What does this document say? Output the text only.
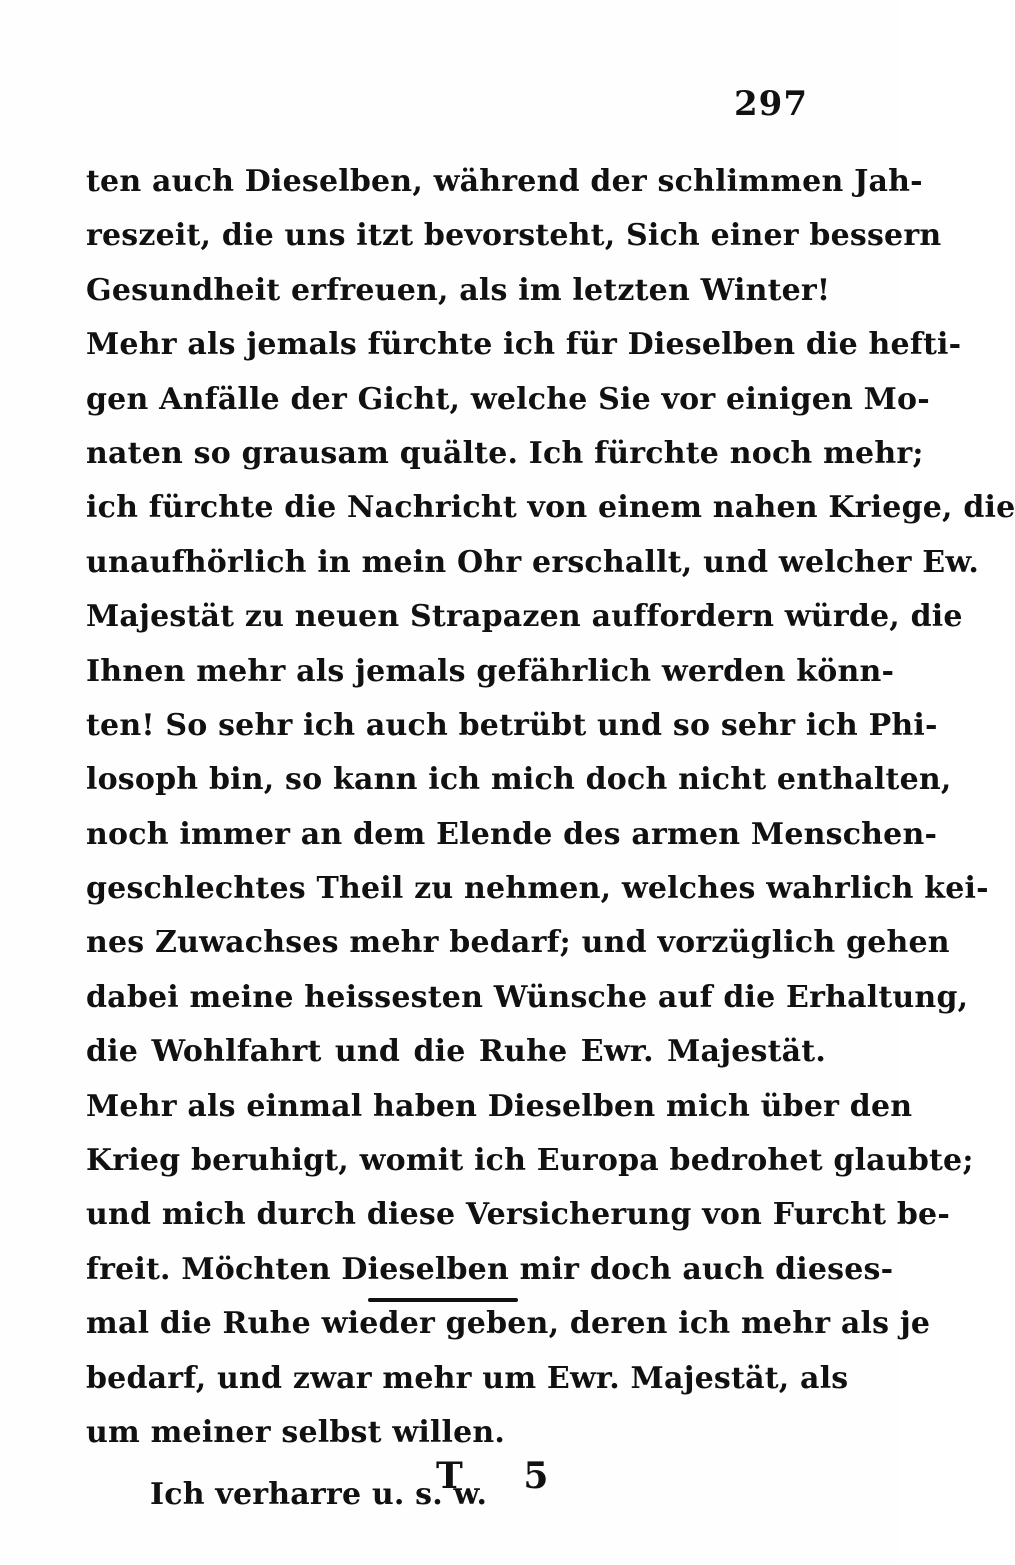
297
ten auch Dieselben, während der schlimmen Jah-
reszeit, die uns itzt bevorsteht, Sich einer bessern
Gesundheit erfreuen, als im letzten Winter!
Mehr als jemals fürchte ich für Dieselben die hefti-
gen Anfälle der Gicht, welche Sie vor einigen Mo-
naten so grausam quälte. Ich fürchte noch mehr;
ich fürchte die Nachricht von einem nahen Kriege, die
unaufhörlich in mein Ohr erschallt, und welcher Ew.
Majestät zu neuen Strapazen auffordern würde, die
Ihnen mehr als jemals gefährlich werden könn-
ten! So sehr ich auch betrübt und so sehr ich Phi-
losoph bin, so kann ich mich doch nicht enthalten,
noch immer an dem Elende des armen Menschen-
geschlechtes Theil zu nehmen, welches wahrlich kei-
nes Zuwachses mehr bedarf; und vorzüglich gehen
dabei meine heissesten Wünsche auf die Erhaltung,
die Wohlfahrt und die Ruhe Ewr. Majestät.
Mehr als einmal haben Dieselben mich über den
Krieg beruhigt, womit ich Europa bedrohet glaubte;
und mich durch diese Versicherung von Furcht be-
freit. Möchten Dieselben mir doch auch dieses-
mal die Ruhe wieder geben, deren ich mehr als je
bedarf, und zwar mehr um Ewr. Majestät, als
um meiner selbst willen.
Ich verharre u. s. w.
T 5
